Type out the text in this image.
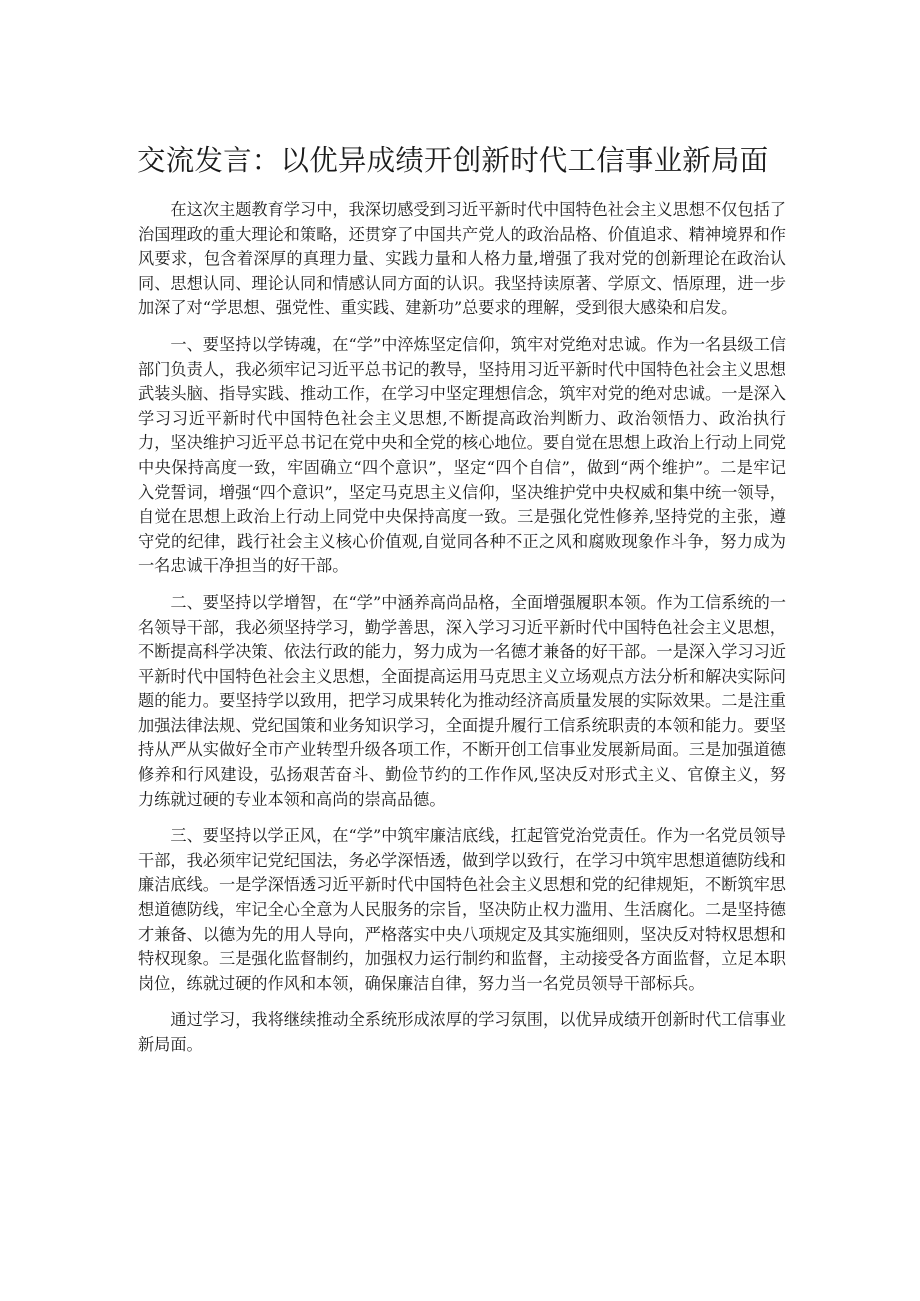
交流发言：以优异成绩开创新时代工信事业新局面

在这次主题教育学习中，我深切感受到习近平新时代中国特色社会主义思想不仅包括了治国理政的重大理论和策略，还贯穿了中国共产党人的政治品格、价值追求、精神境界和作风要求，包含着深厚的真理力量、实践力量和人格力量,增强了我对党的创新理论在政治认同、思想认同、理论认同和情感认同方面的认识。我坚持读原著、学原文、悟原理，进一步加深了对“学思想、强党性、重实践、建新功”总要求的理解，受到很大感染和启发。

一、要坚持以学铸魂，在“学”中淬炼坚定信仰，筑牢对党绝对忠诚。作为一名县级工信部门负责人，我必须牢记习近平总书记的教导，坚持用习近平新时代中国特色社会主义思想武装头脑、指导实践、推动工作，在学习中坚定理想信念，筑牢对党的绝对忠诚。一是深入学习习近平新时代中国特色社会主义思想,不断提高政治判断力、政治领悟力、政治执行力，坚决维护习近平总书记在党中央和全党的核心地位。要自觉在思想上政治上行动上同党中央保持高度一致，牢固确立“四个意识”，坚定“四个自信”，做到“两个维护”。二是牢记入党誓词，增强“四个意识”，坚定马克思主义信仰，坚决维护党中央权威和集中统一领导，自觉在思想上政治上行动上同党中央保持高度一致。三是强化党性修养,坚持党的主张，遵守党的纪律，践行社会主义核心价值观,自觉同各种不正之风和腐败现象作斗争，努力成为一名忠诚干净担当的好干部。

二、要坚持以学增智，在“学”中涵养高尚品格，全面增强履职本领。作为工信系统的一名领导干部，我必须坚持学习，勤学善思，深入学习习近平新时代中国特色社会主义思想，不断提高科学决策、依法行政的能力，努力成为一名德才兼备的好干部。一是深入学习习近平新时代中国特色社会主义思想，全面提高运用马克思主义立场观点方法分析和解决实际问题的能力。要坚持学以致用，把学习成果转化为推动经济高质量发展的实际效果。二是注重加强法律法规、党纪国策和业务知识学习，全面提升履行工信系统职责的本领和能力。要坚持从严从实做好全市产业转型升级各项工作，不断开创工信事业发展新局面。三是加强道德修养和行风建设，弘扬艰苦奋斗、勤俭节约的工作作风,坚决反对形式主义、官僚主义，努力练就过硬的专业本领和高尚的崇高品德。

三、要坚持以学正风，在“学”中筑牢廉洁底线，扛起管党治党责任。作为一名党员领导干部，我必须牢记党纪国法，务必学深悟透，做到学以致行，在学习中筑牢思想道德防线和廉洁底线。一是学深悟透习近平新时代中国特色社会主义思想和党的纪律规矩，不断筑牢思想道德防线，牢记全心全意为人民服务的宗旨，坚决防止权力滥用、生活腐化。二是坚持德才兼备、以德为先的用人导向，严格落实中央八项规定及其实施细则，坚决反对特权思想和特权现象。三是强化监督制约，加强权力运行制约和监督，主动接受各方面监督，立足本职岗位，练就过硬的作风和本领，确保廉洁自律，努力当一名党员领导干部标兵。

通过学习，我将继续推动全系统形成浓厚的学习氛围，以优异成绩开创新时代工信事业新局面。
